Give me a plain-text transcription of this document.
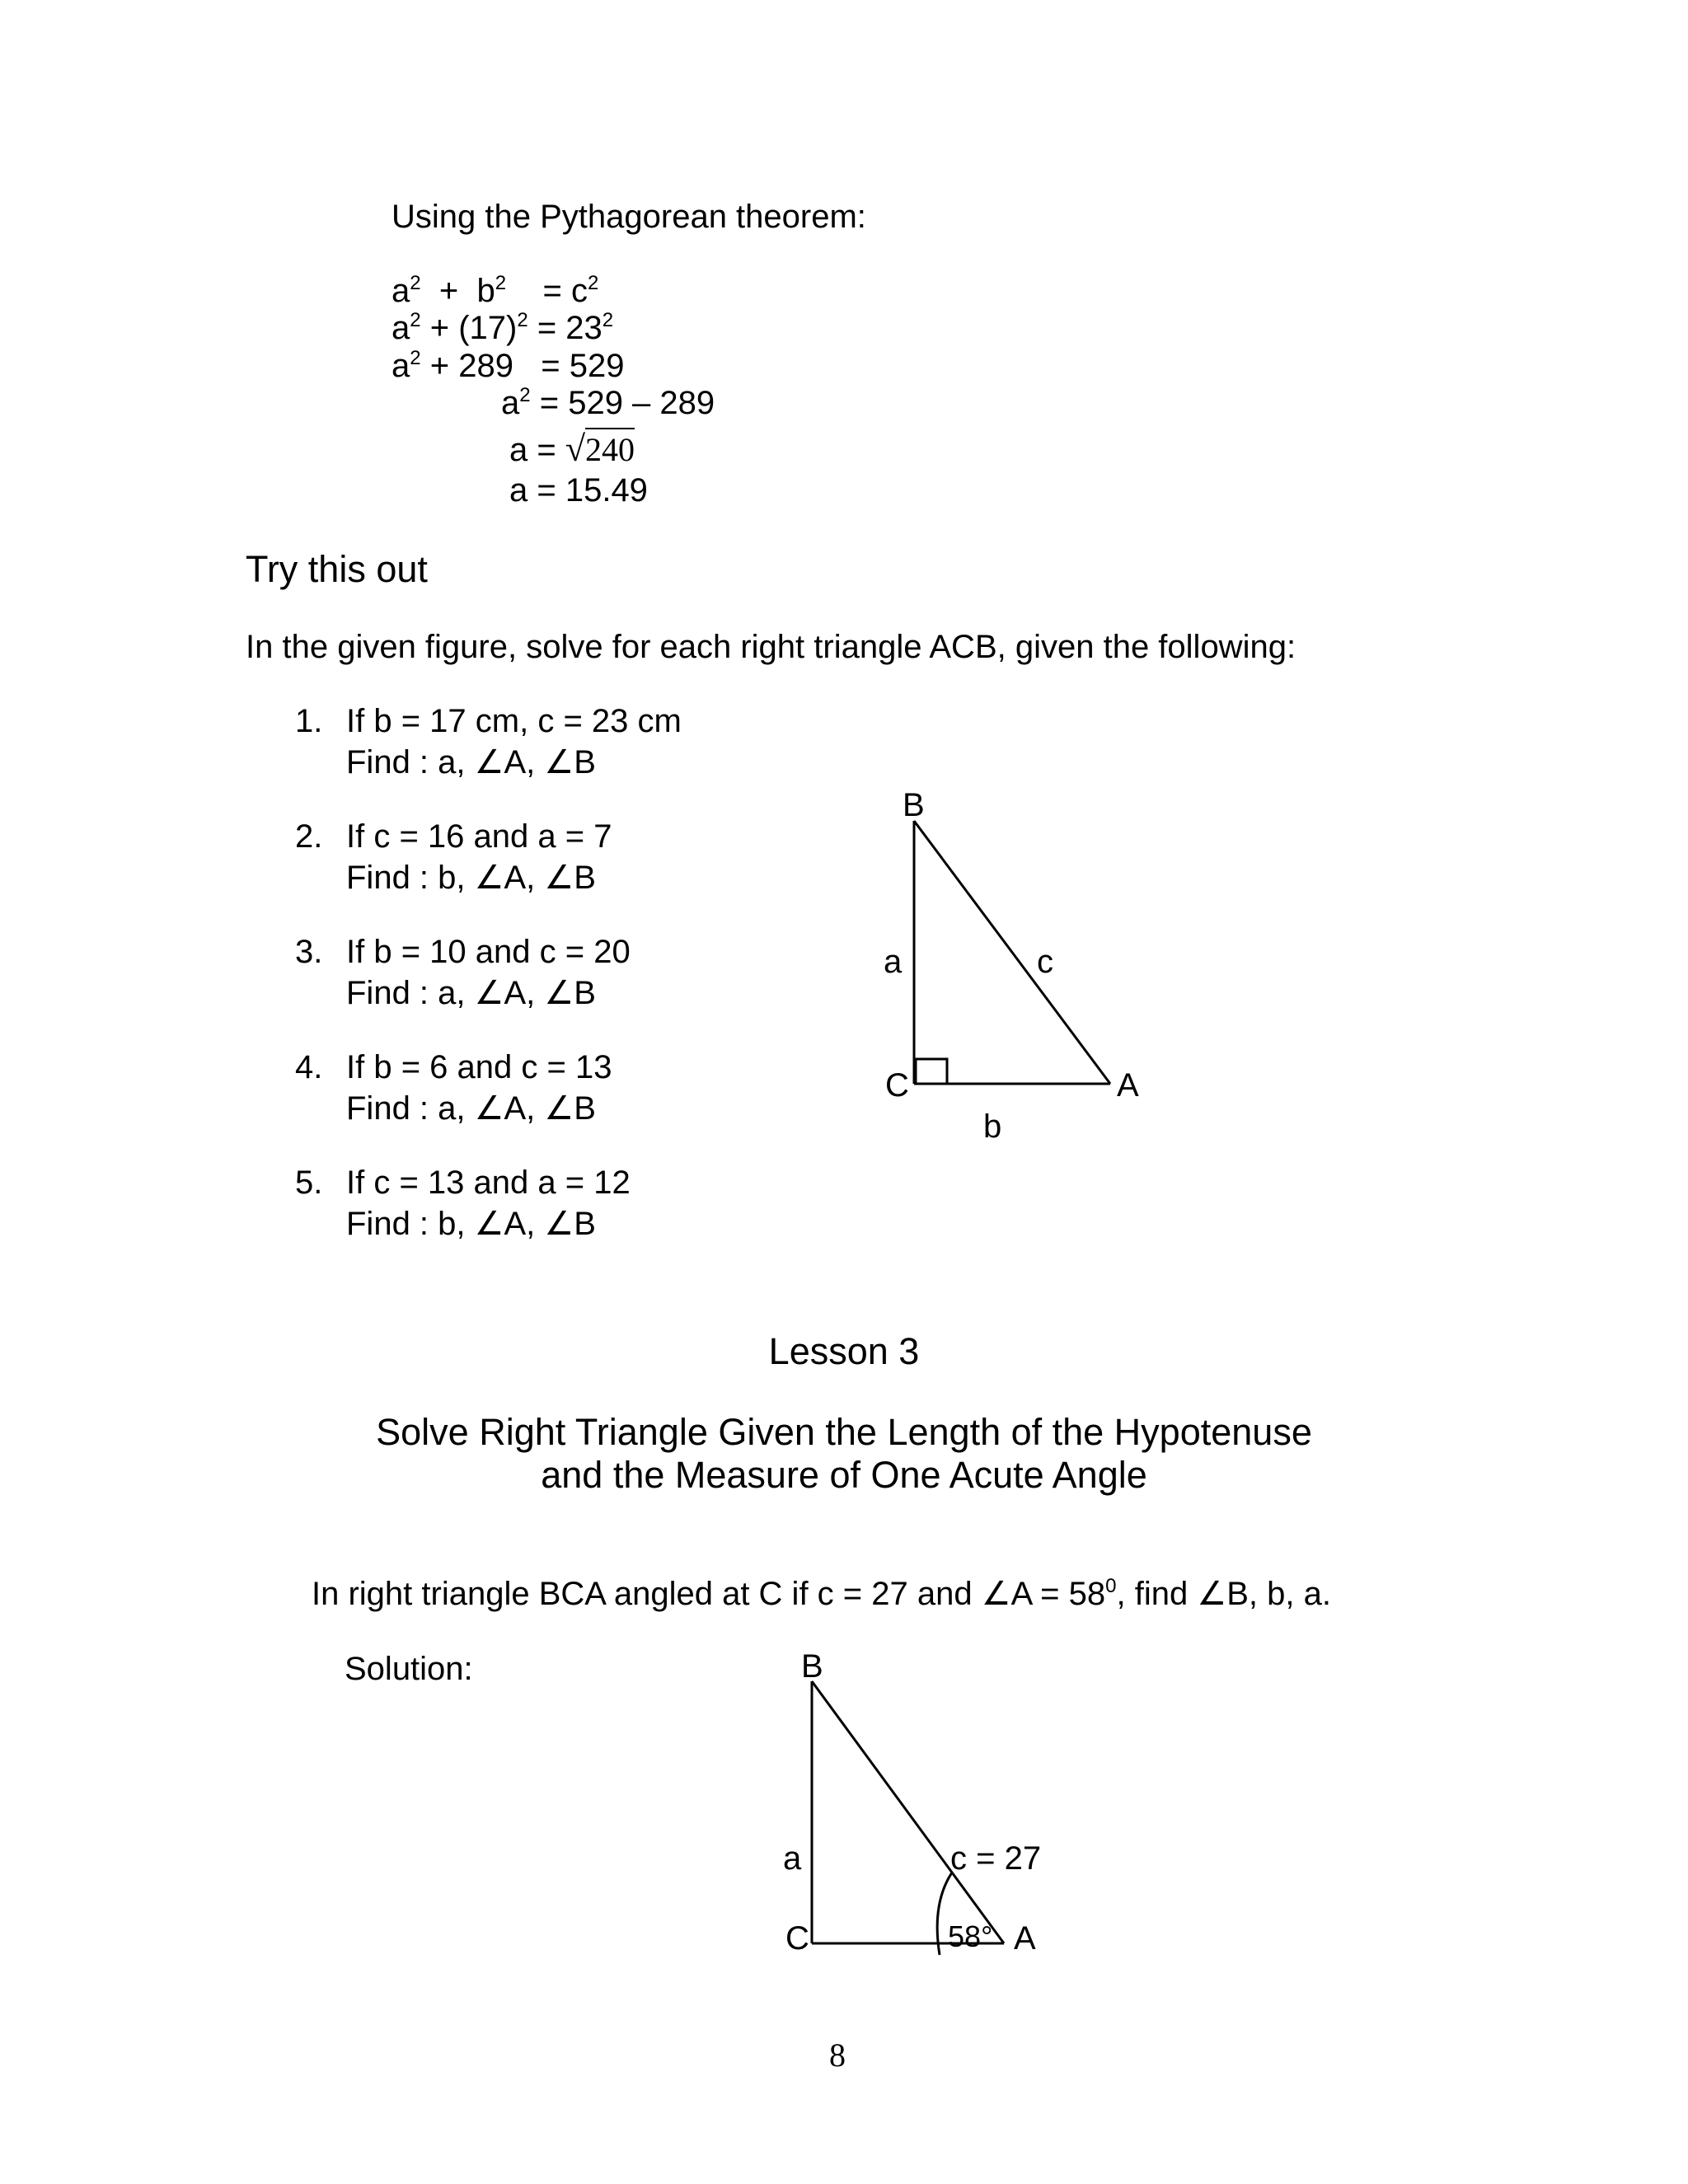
Using the Pythagorean theorem:
$a^2 + b^2 = c^2$
$a^2 + (17)^2 = 23^2$
$a^2 + 289 = 529$
$a^2 = 529 - 289$
a = √240
a = 15.49
Try this out
In the given figure, solve for each right triangle ACB, given the following:
1. If b = 17 cm, c = 23 cm
Find : a, ∠ A, ∠ B
2. If c = 16 and a = 7
Find : b, ∠ A, ∠ B
3. If b = 10 and c = 20
Find : a, ∠ A, ∠ B
4. If b = 6 and c = 13
Find : a, ∠ A, ∠ B
5. If c = 13 and a = 12
Find : b, ∠ A, ∠ B
B
a	c
C	A
b
Lesson 3
Solve Right Triangle Given the Length of the Hypotenuse
and the Measure of One Acute Angle
In right triangle BCA angled at C if c = 27 and ∠ $A = 58^0$, find ∠ B, b, a.
Solution:	B
a	c = 27
C	58° A
8
